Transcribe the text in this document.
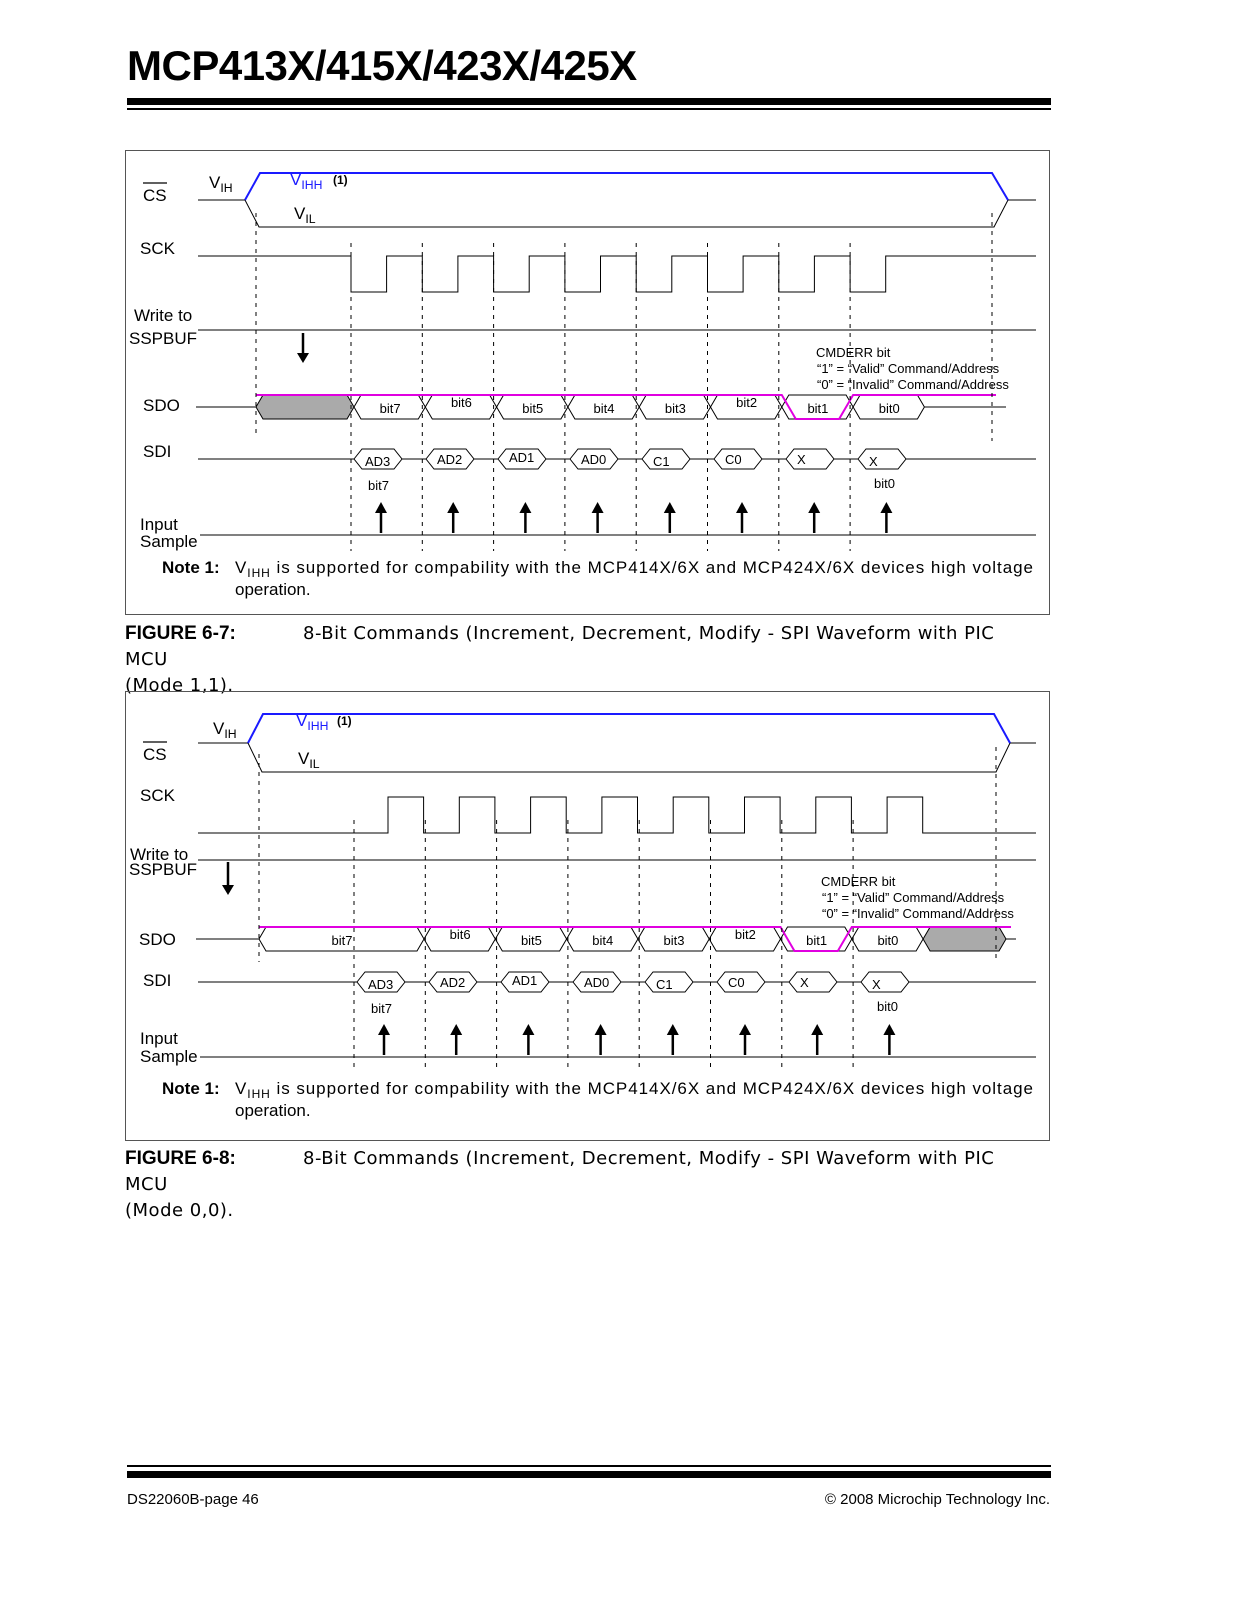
MCP413X/415X/423X/425X
CS
$V_{IH}$	$V_{IHH}$ (1)
$V_{IL}$
SCK
Write to
SSPBUF
CMDERR bit
“1” = “Valid” Command/Address
“0” = “Invalid” Command/Address
SDO	bit7	bit6	bit5	bit4	bit3	bit2	bit1	bit0
SDI
AD3	AD2	AD1	AD0	C1	C0	X	X
bit7	bit0
Input
Sample
Note 1: $V_{IHH}$ is supported for compability with the MCP414X/6X and MCP424X/6X devices high voltage
operation.
FIGURE 6-7:	8-Bit Commands (Increment, Decrement, Modify - SPI Waveform with PIC MCU
(Mode 1,1).
CS
$V_{IH}$
$V_{IHH}$ (1)
$V_{IL}$
SCK
Write to
SSPBUF
CMDERR bit
“1” = “Valid” Command/Address
“0” = “Invalid” Command/Address
SDO	bit7	bit6	bit5	bit4	bit3	bit2	bit1	bit0
SDI	AD3	AD2	AD1	AD0	C1	C0	X	X
bit7	bit0
Input
Sample
Note 1: $V_{IHH}$ is supported for compability with the MCP414X/6X and MCP424X/6X devices high voltage
operation.
FIGURE 6-8:	8-Bit Commands (Increment, Decrement, Modify - SPI Waveform with PIC MCU
(Mode 0,0).
DS22060B-page 46	© 2008 Microchip Technology Inc.
